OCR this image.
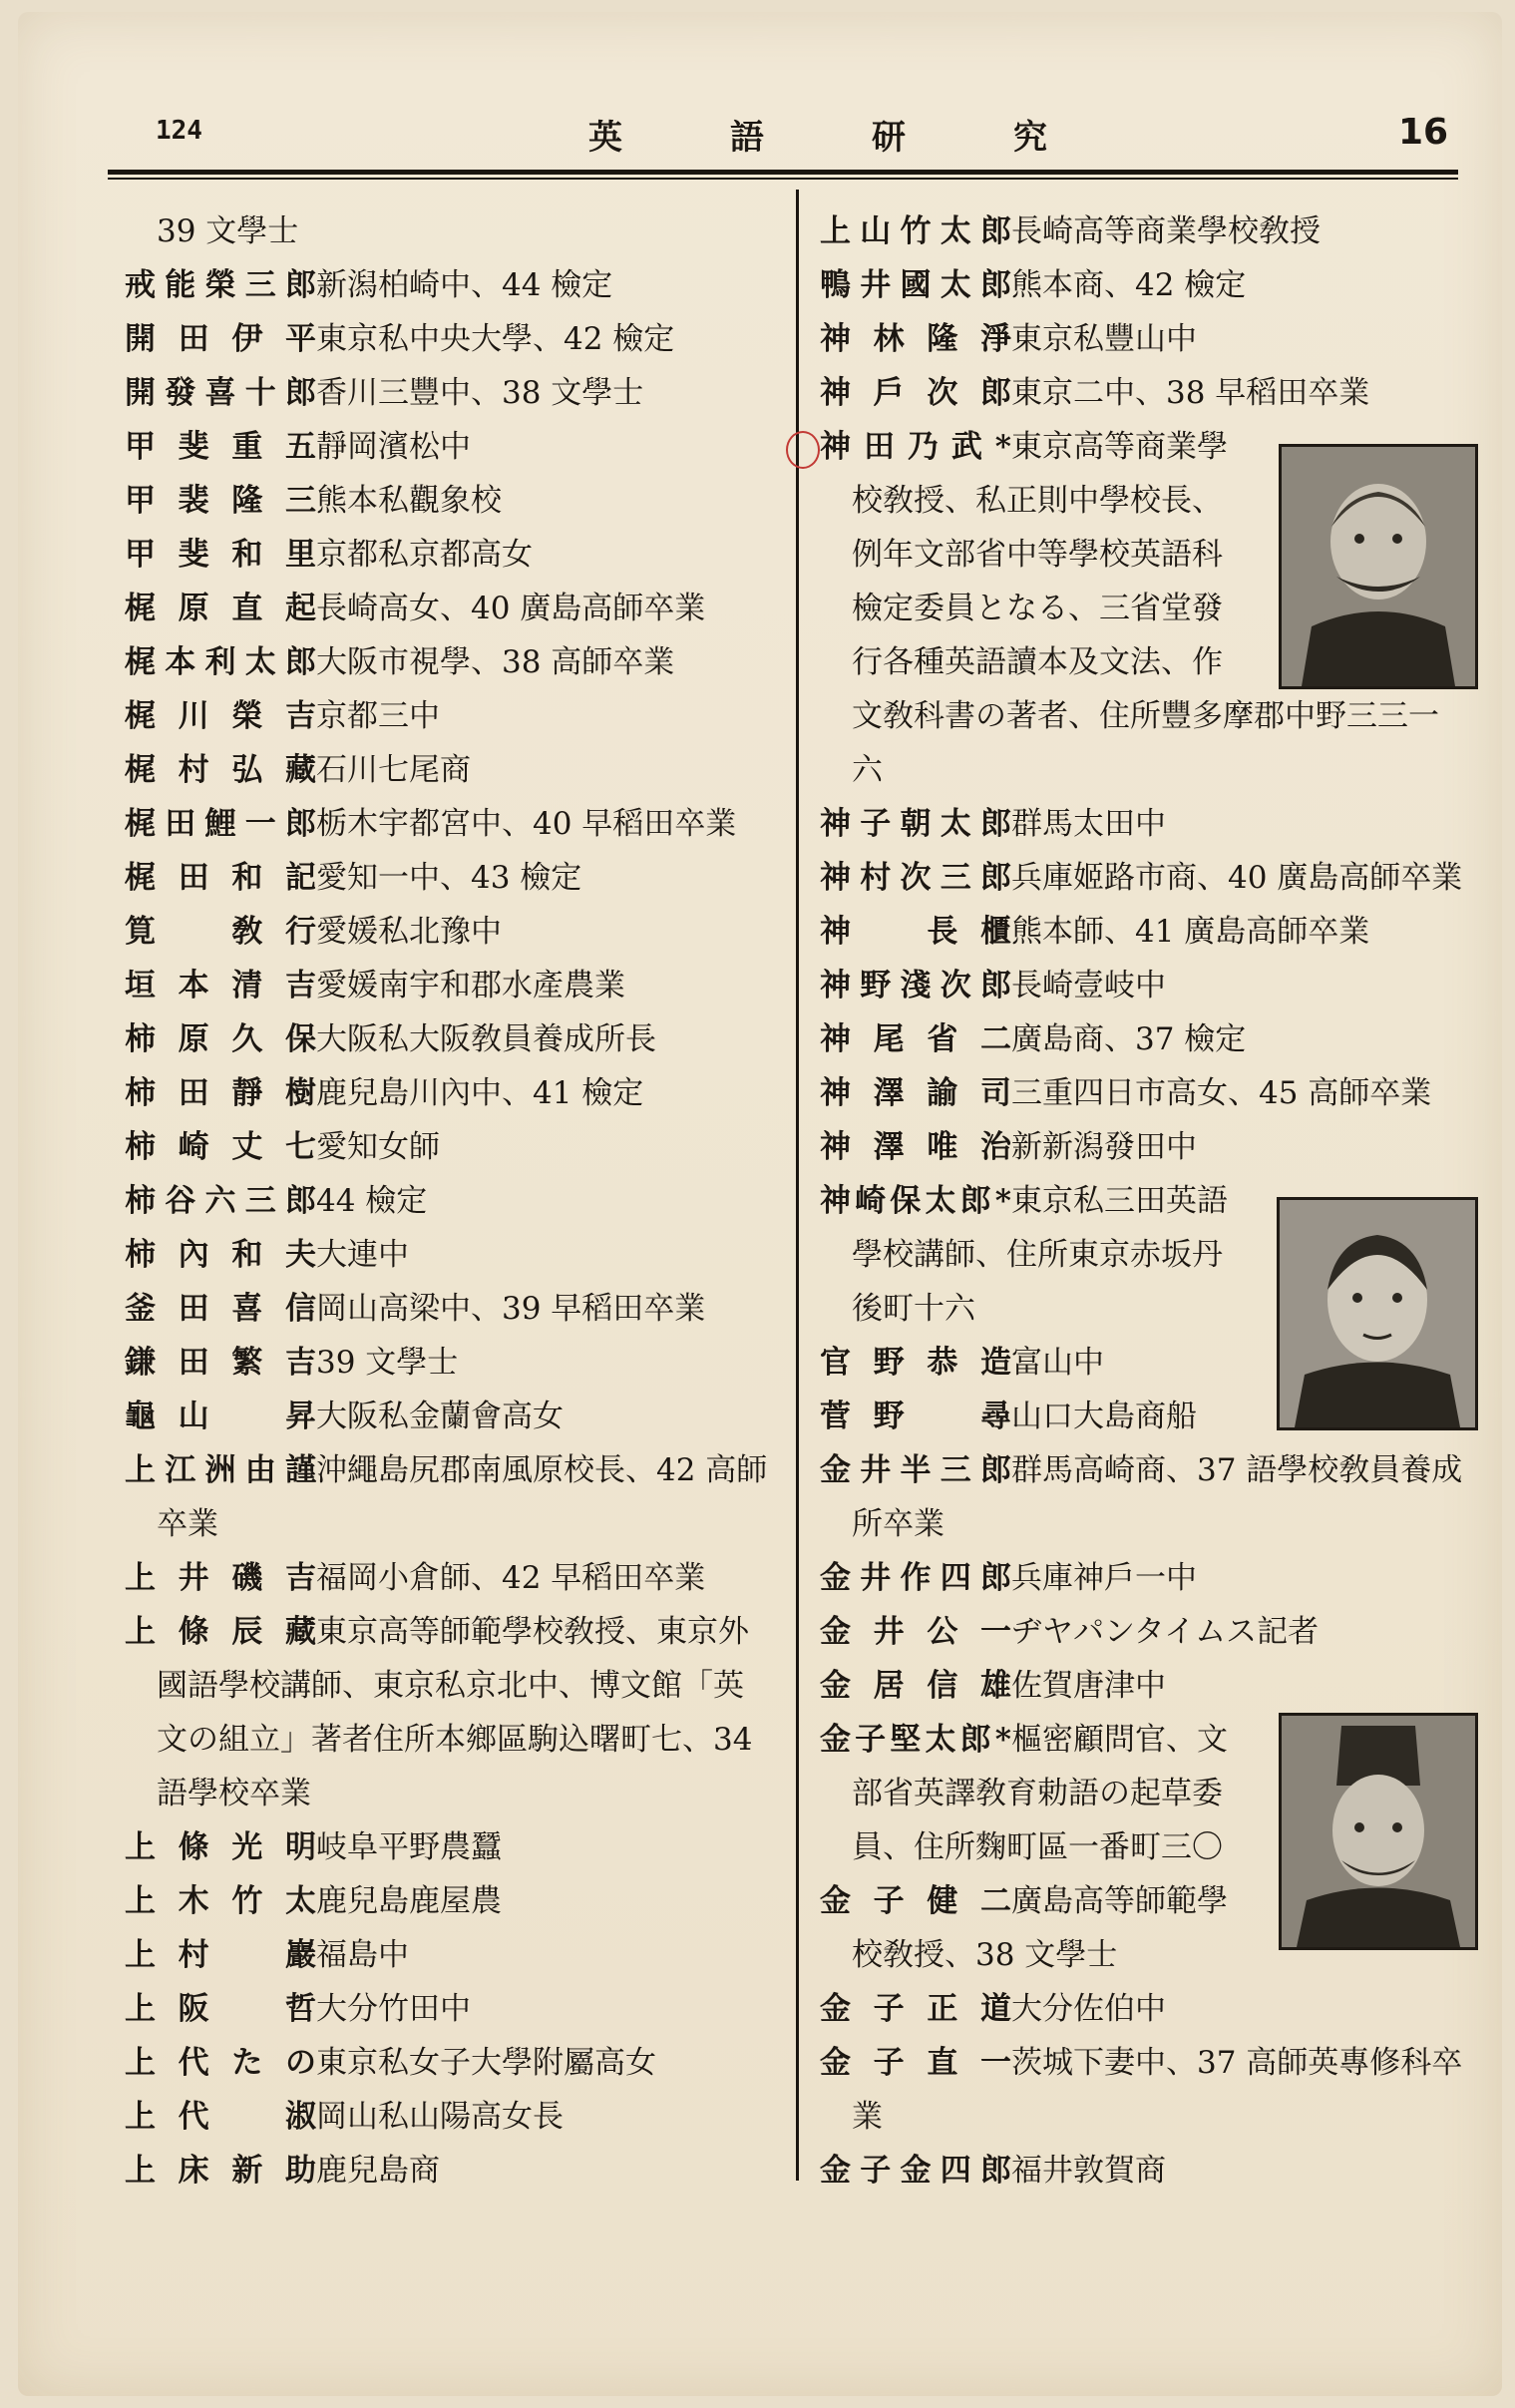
124	英	語	研	究	16
39 文學士
戒能榮三郎 新潟柏崎中、44 檢定
開田伊平 東京私中央大學、42 檢定
開發喜十郎 香川三豐中、38 文學士
甲斐重五 靜岡濱松中
甲裴隆三 熊本私觀象校
甲斐和里 京都私京都高女
梶原直起 長崎高女、40 廣島高師卒業
梶本利太郎 大阪市視學、38 高師卒業
梶川榮吉 京都三中
梶村弘藏 石川七尾商
梶田鯉一郎 栃木宇都宮中、40 早稻田卒業
梶田和記 愛知一中、43 檢定
筧　敎行 愛媛私北豫中
垣本清吉 愛媛南宇和郡水產農業
柿原久保 大阪私大阪敎員養成所長
柿田靜樹 鹿兒島川內中、41 檢定
柿崎丈七 愛知女師
柿谷六三郎 44 檢定
柿內和夫 大連中
釜田喜信 岡山高梁中、39 早稻田卒業
鎌田繁吉 39 文學士
龜山　昇 大阪私金蘭會高女
上江洲由謹 沖繩島尻郡南風原校長、42 高師
卒業
上井磯吉 福岡小倉師、42 早稻田卒業
上條辰藏 東京高等師範學校敎授、東京外
國語學校講師、東京私京北中、博文館「英
文の組立」著者住所本鄉區駒込曙町七、34
語學校卒業
上條光明 岐阜平野農蠶
上木竹太 鹿兒島鹿屋農
上村　巖 福島中
上阪　哲 大分竹田中
上代たの 東京私女子大學附屬高女
上代　淑 岡山私山陽高女長
上床新助 鹿兒島商
上山竹太郎 長崎高等商業學校敎授
鴨井國太郎 熊本商、42 檢定
神林隆淨 東京私豐山中
神戶次郎 東京二中、38 早稻田卒業
神田乃武* 東京高等商業學
校敎授、私正則中學校長、
例年文部省中等學校英語科
檢定委員となる、三省堂發
行各種英語讀本及文法、作
文敎科書の著者、住所豐多摩郡中野三三一
六
神子朝太郎 群馬太田中
神村次三郎 兵庫姬路市商、40 廣島高師卒業
神　長櫃 熊本師、41 廣島高師卒業
神野淺次郎 長崎壹岐中
神尾省二 廣島商、37 檢定
神澤諭司 三重四日市高女、45 高師卒業
神澤唯治 新新潟發田中
神崎保太郎* 東京私三田英語
學校講師、住所東京赤坂丹
後町十六
官野恭造 富山中
菅野　尋 山口大島商船
金井半三郎 群馬高崎商、37 語學校敎員養成
所卒業
金井作四郎 兵庫神戶一中
金井公一 ヂヤパンタイムス記者
金居信雄 佐賀唐津中
金子堅太郎* 樞密顧問官、文
部省英譯敎育勅語の起草委
員、住所麴町區一番町三〇
金子健二 廣島高等師範學
校敎授、38 文學士
金子正道 大分佐伯中
金子直一 茨城下妻中、37 高師英專修科卒
業
金子金四郎 福井敦賀商
